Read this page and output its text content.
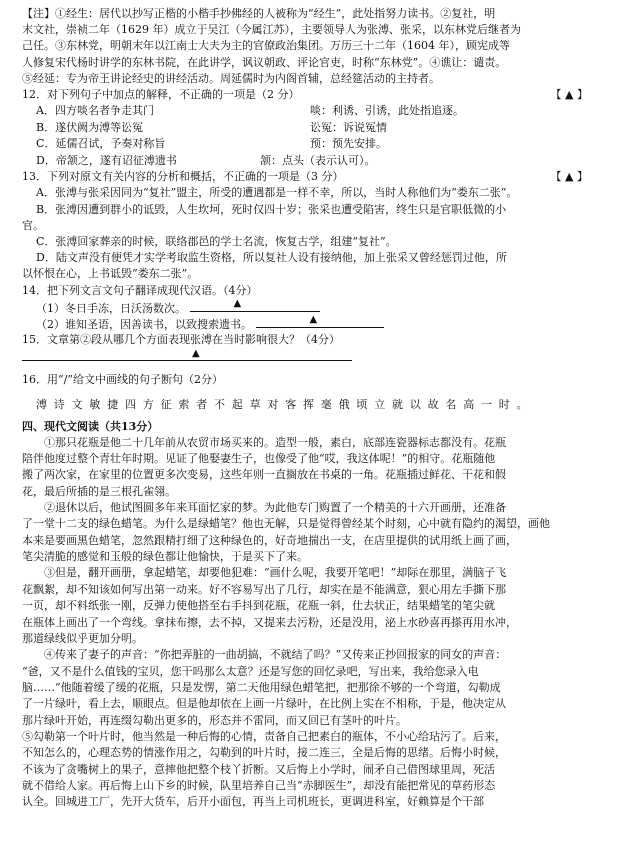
【注】①经生：居代以抄写正楷的小楷手抄佛经的人被称为“经生”，此处指努力读书。②复社，明

末文社，崇祯二年（1629 年）成立于吴江（今属江苏），主要领导人为张溥、张采，以东林党后继者为

己任。③东林党，明朝末年以江南士大夫为主的官僚政治集团。万历三十二年（1604 年），顾宪成等

人修复宋代杨时讲学的东林书院，在此讲学，讽议朝政、评论官吏，时称“东林党”。④谯让：谴责。

⑤经延：专为帝王讲论经史的讲经活动。周延儒时为内阁首辅，总经筵活动的主持者。

12．对下列句子中加点的解释，不正确的一项是（2 分）	【 ▲ 】
A．四方啖名者争走其门	啖：利诱、引诱，此处指追逐。
B．遂伏阙为溥等讼冤	讼冤：诉说冤情
C．延儒召试，予奏对称旨	预：预先安排。
D．帝颔之，遂有诏征溥遗书	颔：点头（表示认可）。
13．下列对原文有关内容的分析和概括，不正确的一项是（3 分）	【 ▲ 】

A．张溥与张采因同为“复社”盟主，所受的遭遇都是一样不幸，所以，当时人称他们为“娄东二张”。

B．张溥因遭到群小的诋毁，人生坎坷，死时仅四十岁；张采也遭受陷害，终生只是官职低微的小

官。

C．张溥回家葬亲的时候，联络郡邑的学士名流，恢复古学，组建“复社”。

D．陆文声没有便凭才实学考取监生资格，所以复社人设有接纳他，加上张采又曾经惩罚过他，所

以怀恨在心，上书诋毁“娄东二张”。

14．把下列文言文句子翻译成现代汉语。（4分）
（1）冬日手冻，日沃汤数次。	▲
（2）谁知圣语，因善读书，以致搜索遗书。	▲
15．文章第②段从哪几个方面表现张溥在当时影响很大？（4分）
▲
16．用“/”给文中画线的句子断句（2分）
溥诗文敏捷四方征索者不起草对客挥毫俄顷立就以故名高一时。
四、现代文阅读（共13分）

①那只花瓶是他二十几年前从农贸市场买来的。造型一般，素白，底部连瓷器标志都没有。花瓶

陪伴他度过整个青壮年时期。见证了他娶妻生子，也像受了他“哎，我这体呢！”的相守。花瓶随他

搬了两次家，在家里的位置更多次变易，这些年则一直搁放在书桌的一角。花瓶插过鲜花、干花和假

花，最后所插的是三根孔雀翎。

②退休以后，他试图圆多年来耳面忆家的梦。为此他专门购置了一个精美的十六开画册，还准备

了一堂十二支的绿色蜡笔。为什么是绿蜡笔？他也无解，只是觉得曾经某个时刻，心中就有隐约的渴望，画他

本来是要画黑色蜡笔，忽然跟精打细了这种绿色的，好奇地揣出一支，在店里提供的试用纸上画了画，

笔尖清脆的感觉和玉般的绿色都让他愉快，于是买下了来。

③但是，翻开画册，拿起蜡笔，却要他犯难：“画什么呢，我要开笔吧！”却际在那里，满脑子飞

花飘絮，却不知该如何写出第一动来。好不容易写出了几行，却实在是不能满意，狠心用左手撕下那

一页，却不料纸张一刚，反弹力使他搭至右手抖到花瓶，花瓶一斜，仕去状正，结果蜡笔的笔尖就

在瓶体上画出了一个弯线。拿抹布擦，去不掉，又提来去污粉，还是没用，泌上水砂喜再搽再用水冲，

那道绿线似乎更加分明。

④传来了妻子的声音：“你把弄脏的一曲胡搞，不就结了吗？”又传来正抄回报家的同女的声音：

“爸，又不是什么值钱的宝贝，您干吗那么太意？还是写您的回忆录吧，写出来，我给您录入电

脑……”他随着缓了缓的花瓶，只是发愣，第二天他用绿色蜡笔把，把那徐不够的一个弯道，勾勒成

了一片绿叶，看上去，顺眼点。但是他却依在上画一片绿叶，在比例上实在不相称，于是，他决定从

那片绿叶开始，再连缀勾勒出更多的，形态并不雷同，而又回已有茎叶的叶片。

⑤勾勒第一个叶片时，他当然是一种后悔的心情，责备自己把素白的瓶体，不小心给玷污了。后来，

不知怎么的，心理态势的情涨作用之，勾勒到的叶片时，接二连三，全是后悔的思绪。后悔小时候，

不该为了贪嘴树上的果子，意摔他把整个枝丫折断。又后悔上小学时，闹矛自己借图球里周，死活

就不借给人家。再后悔上山下乡的时候，队里培养自己当“赤脚医生”，却没有能把常见的草药形态

认全。回城进工厂，先开大货车，后开小面包，再当上司机班长，更调进科室，好赖算是个干部
